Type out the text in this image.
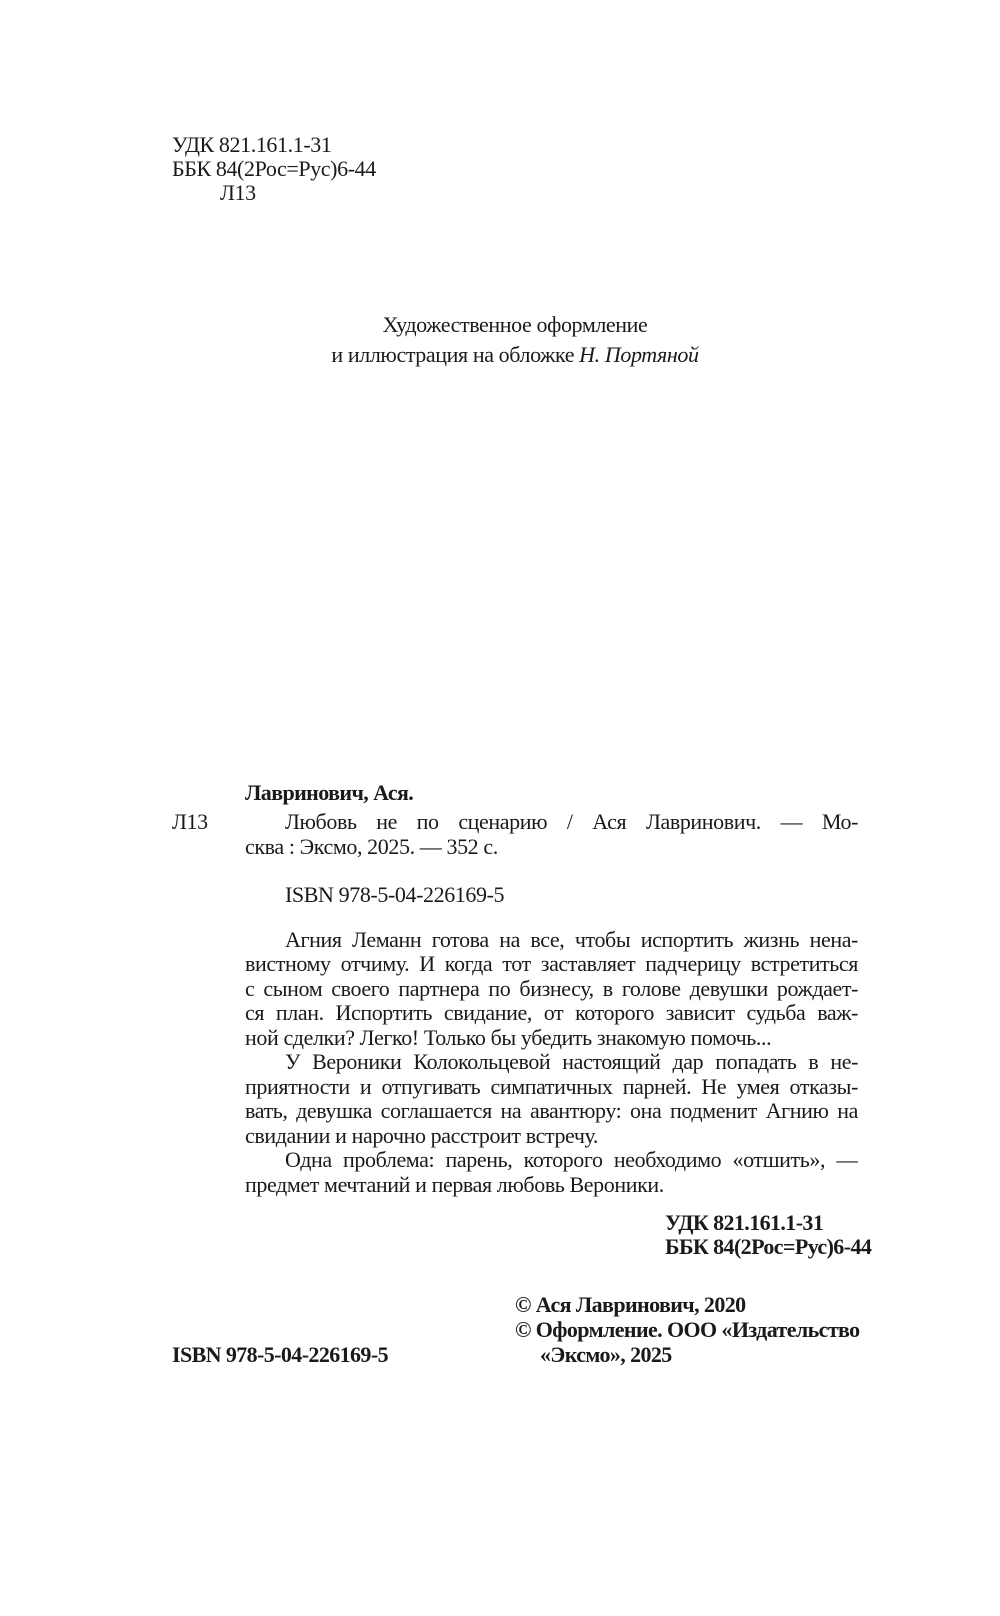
УДК 821.161.1-31
ББК 84(2Рос=Рус)6-44
Л13
Художественное оформление
и иллюстрация на обложке Н. Портяной
Лавринович, Ася.
Л13	Любовь не по сценарию / Ася Лавринович. — Мо-
сква : Эксмо, 2025. — 352 с.
ISBN 978-5-04-226169-5
Агния Леманн готова на все, чтобы испортить жизнь нена-
вистному отчиму. И когда тот заставляет падчерицу встретиться
с сыном своего партнера по бизнесу, в голове девушки рождает-
ся план. Испортить свидание, от которого зависит судьба важ-
ной сделки? Легко! Только бы убедить знакомую помочь...
У Вероники Колокольцевой настоящий дар попадать в не-
приятности и отпугивать симпатичных парней. Не умея отказы-
вать, девушка соглашается на авантюру: она подменит Агнию на
свидании и нарочно расстроит встречу.
Одна проблема: парень, которого необходимо «отшить», —
предмет мечтаний и первая любовь Вероники.
УДК 821.161.1-31
ББК 84(2Рос=Рус)6-44
© Ася Лавринович, 2020
© Оформление. ООО «Издательство
«Эксмо», 2025
ISBN 978-5-04-226169-5
